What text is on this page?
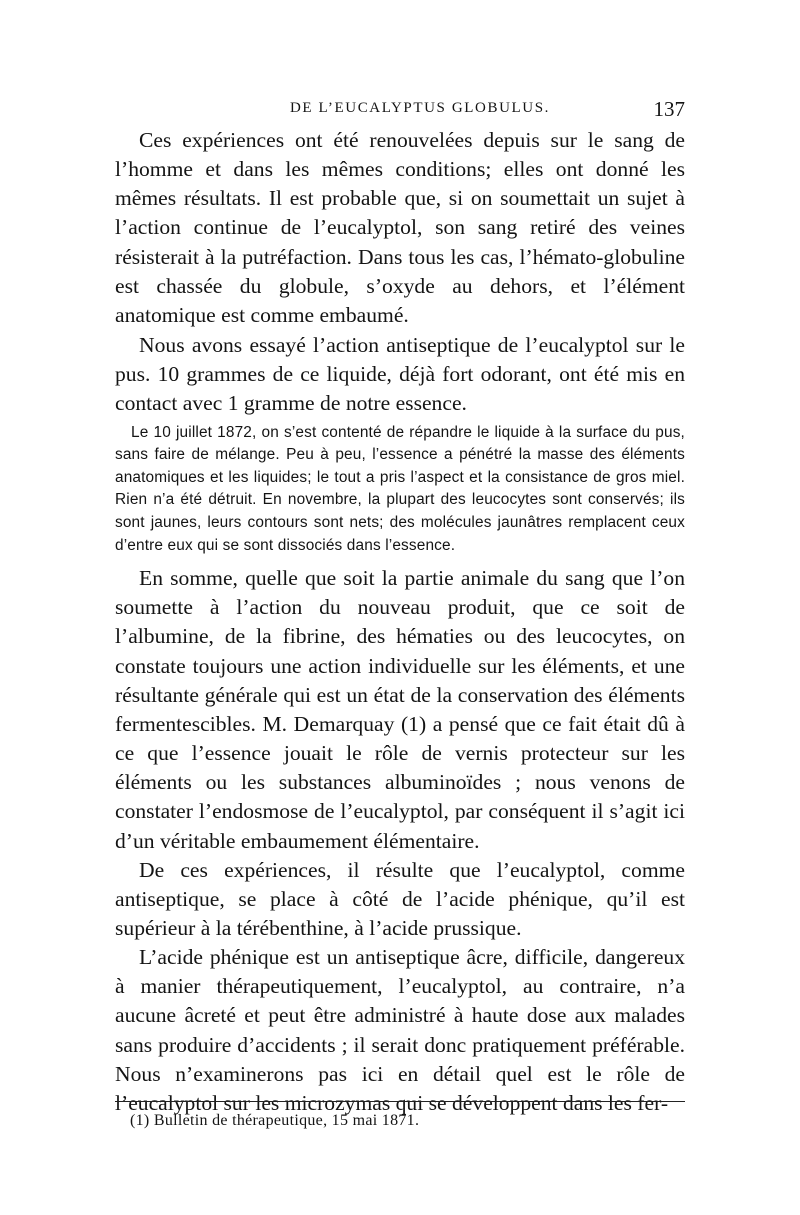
DE L’EUCALYPTUS GLOBULUS.	137

Ces expériences ont été renouvelées depuis sur le sang de l’homme et dans les mêmes conditions; elles ont donné les mêmes résultats. Il est probable que, si on soumettait un sujet à l’action continue de l’eucalyptol, son sang retiré des veines résisterait à la putréfaction. Dans tous les cas, l’hémato-globuline est chassée du globule, s’oxyde au dehors, et l’élément anatomique est comme embaumé.

Nous avons essayé l’action antiseptique de l’eucalyptol sur le pus. 10 grammes de ce liquide, déjà fort odorant, ont été mis en contact avec 1 gramme de notre essence.

Le 10 juillet 1872, on s’est contenté de répandre le liquide à la surface du pus, sans faire de mélange. Peu à peu, l’essence a pénétré la masse des éléments anatomiques et les liquides; le tout a pris l’aspect et la consistance de gros miel. Rien n’a été détruit. En novembre, la plupart des leucocytes sont conservés; ils sont jaunes, leurs contours sont nets; des molécules jaunâtres remplacent ceux d’entre eux qui se sont dissociés dans l’essence.

En somme, quelle que soit la partie animale du sang que l’on soumette à l’action du nouveau produit, que ce soit de l’albumine, de la fibrine, des hématies ou des leucocytes, on constate toujours une action individuelle sur les éléments, et une résultante générale qui est un état de la conservation des éléments fermentescibles. M. Demarquay (1) a pensé que ce fait était dû à ce que l’essence jouait le rôle de vernis protecteur sur les éléments ou les substances albuminoïdes ; nous venons de constater l’endosmose de l’eucalyptol, par conséquent il s’agit ici d’un véritable embaumement élémentaire.

De ces expériences, il résulte que l’eucalyptol, comme antiseptique, se place à côté de l’acide phénique, qu’il est supérieur à la térébenthine, à l’acide prussique.

L’acide phénique est un antiseptique âcre, difficile, dangereux à manier thérapeutiquement, l’eucalyptol, au contraire, n’a aucune âcreté et peut être administré à haute dose aux malades sans produire d’accidents ; il serait donc pratiquement préférable. Nous n’examinerons pas ici en détail quel est le rôle de l’eucalyptol sur les microzymas qui se développent dans les fer-

(1) Bulletin de thérapeutique, 15 mai 1871.
